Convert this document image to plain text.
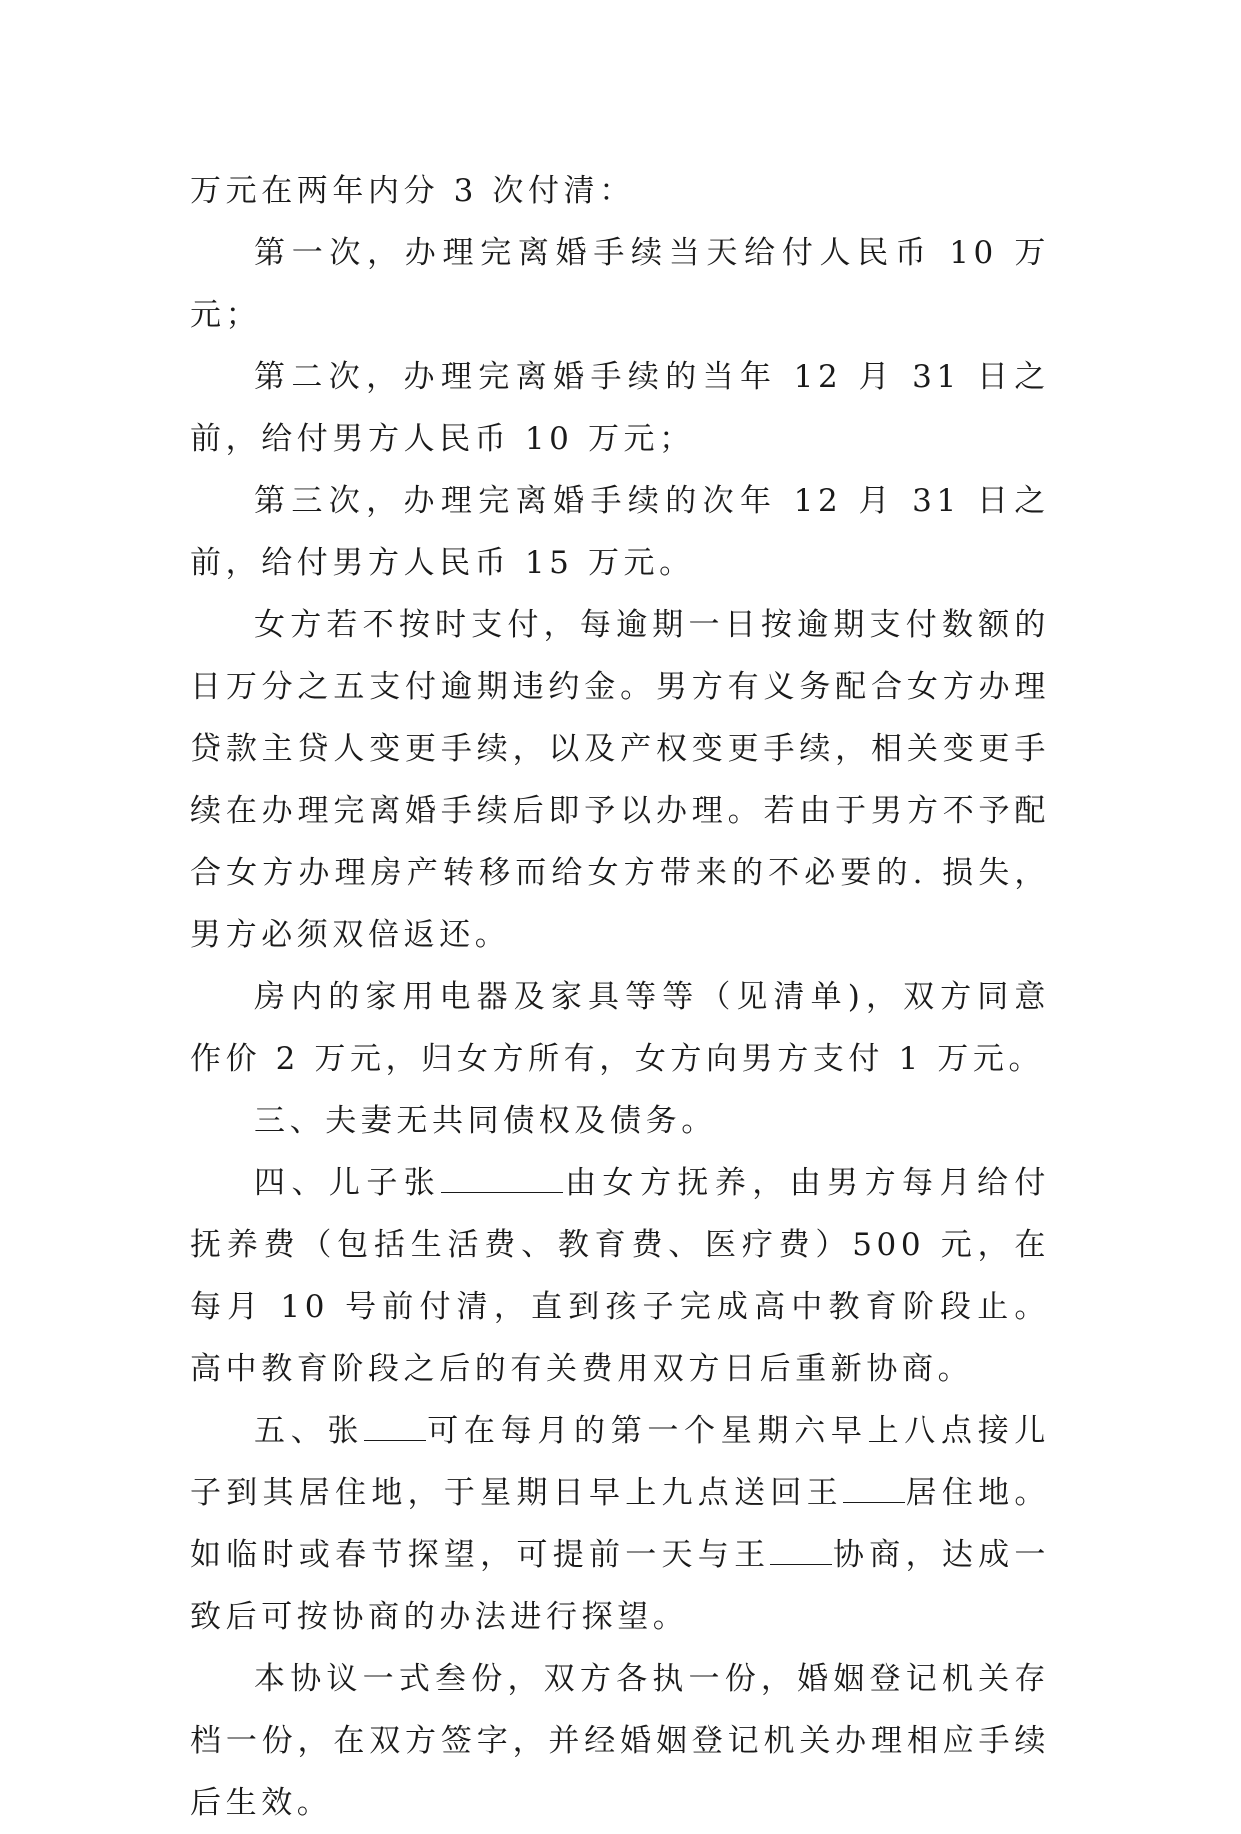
万元在两年内分 3 次付清：

第一次，办理完离婚手续当天给付人民币 10 万元；

第二次，办理完离婚手续的当年 12 月 31 日之前，给付男方人民币 10 万元；

第三次，办理完离婚手续的次年 12 月 31 日之前，给付男方人民币 15 万元。

女方若不按时支付，每逾期一日按逾期支付数额的日万分之五支付逾期违约金。男方有义务配合女方办理贷款主贷人变更手续，以及产权变更手续，相关变更手续在办理完离婚手续后即予以办理。若由于男方不予配合女方办理房产转移而给女方带来的不必要的. 损失，男方必须双倍返还。

房内的家用电器及家具等等（见清单)，双方同意作价 2 万元，归女方所有，女方向男方支付 1 万元。

三、夫妻无共同债权及债务。

四、儿子张	由女方抚养，由男方每月给付抚养费（包括生活费、教育费、医疗费）500 元，在每月 10 号前付清，直到孩子完成高中教育阶段止。高中教育阶段之后的有关费用双方日后重新协商。

五、张 可在每月的第一个星期六早上八点接儿子到其居住地，于星期日早上九点送回王 居住地。如临时或春节探望，可提前一天与王 协商，达成一致后可按协商的办法进行探望。

本协议一式叁份，双方各执一份，婚姻登记机关存档一份，在双方签字，并经婚姻登记机关办理相应手续后生效。
